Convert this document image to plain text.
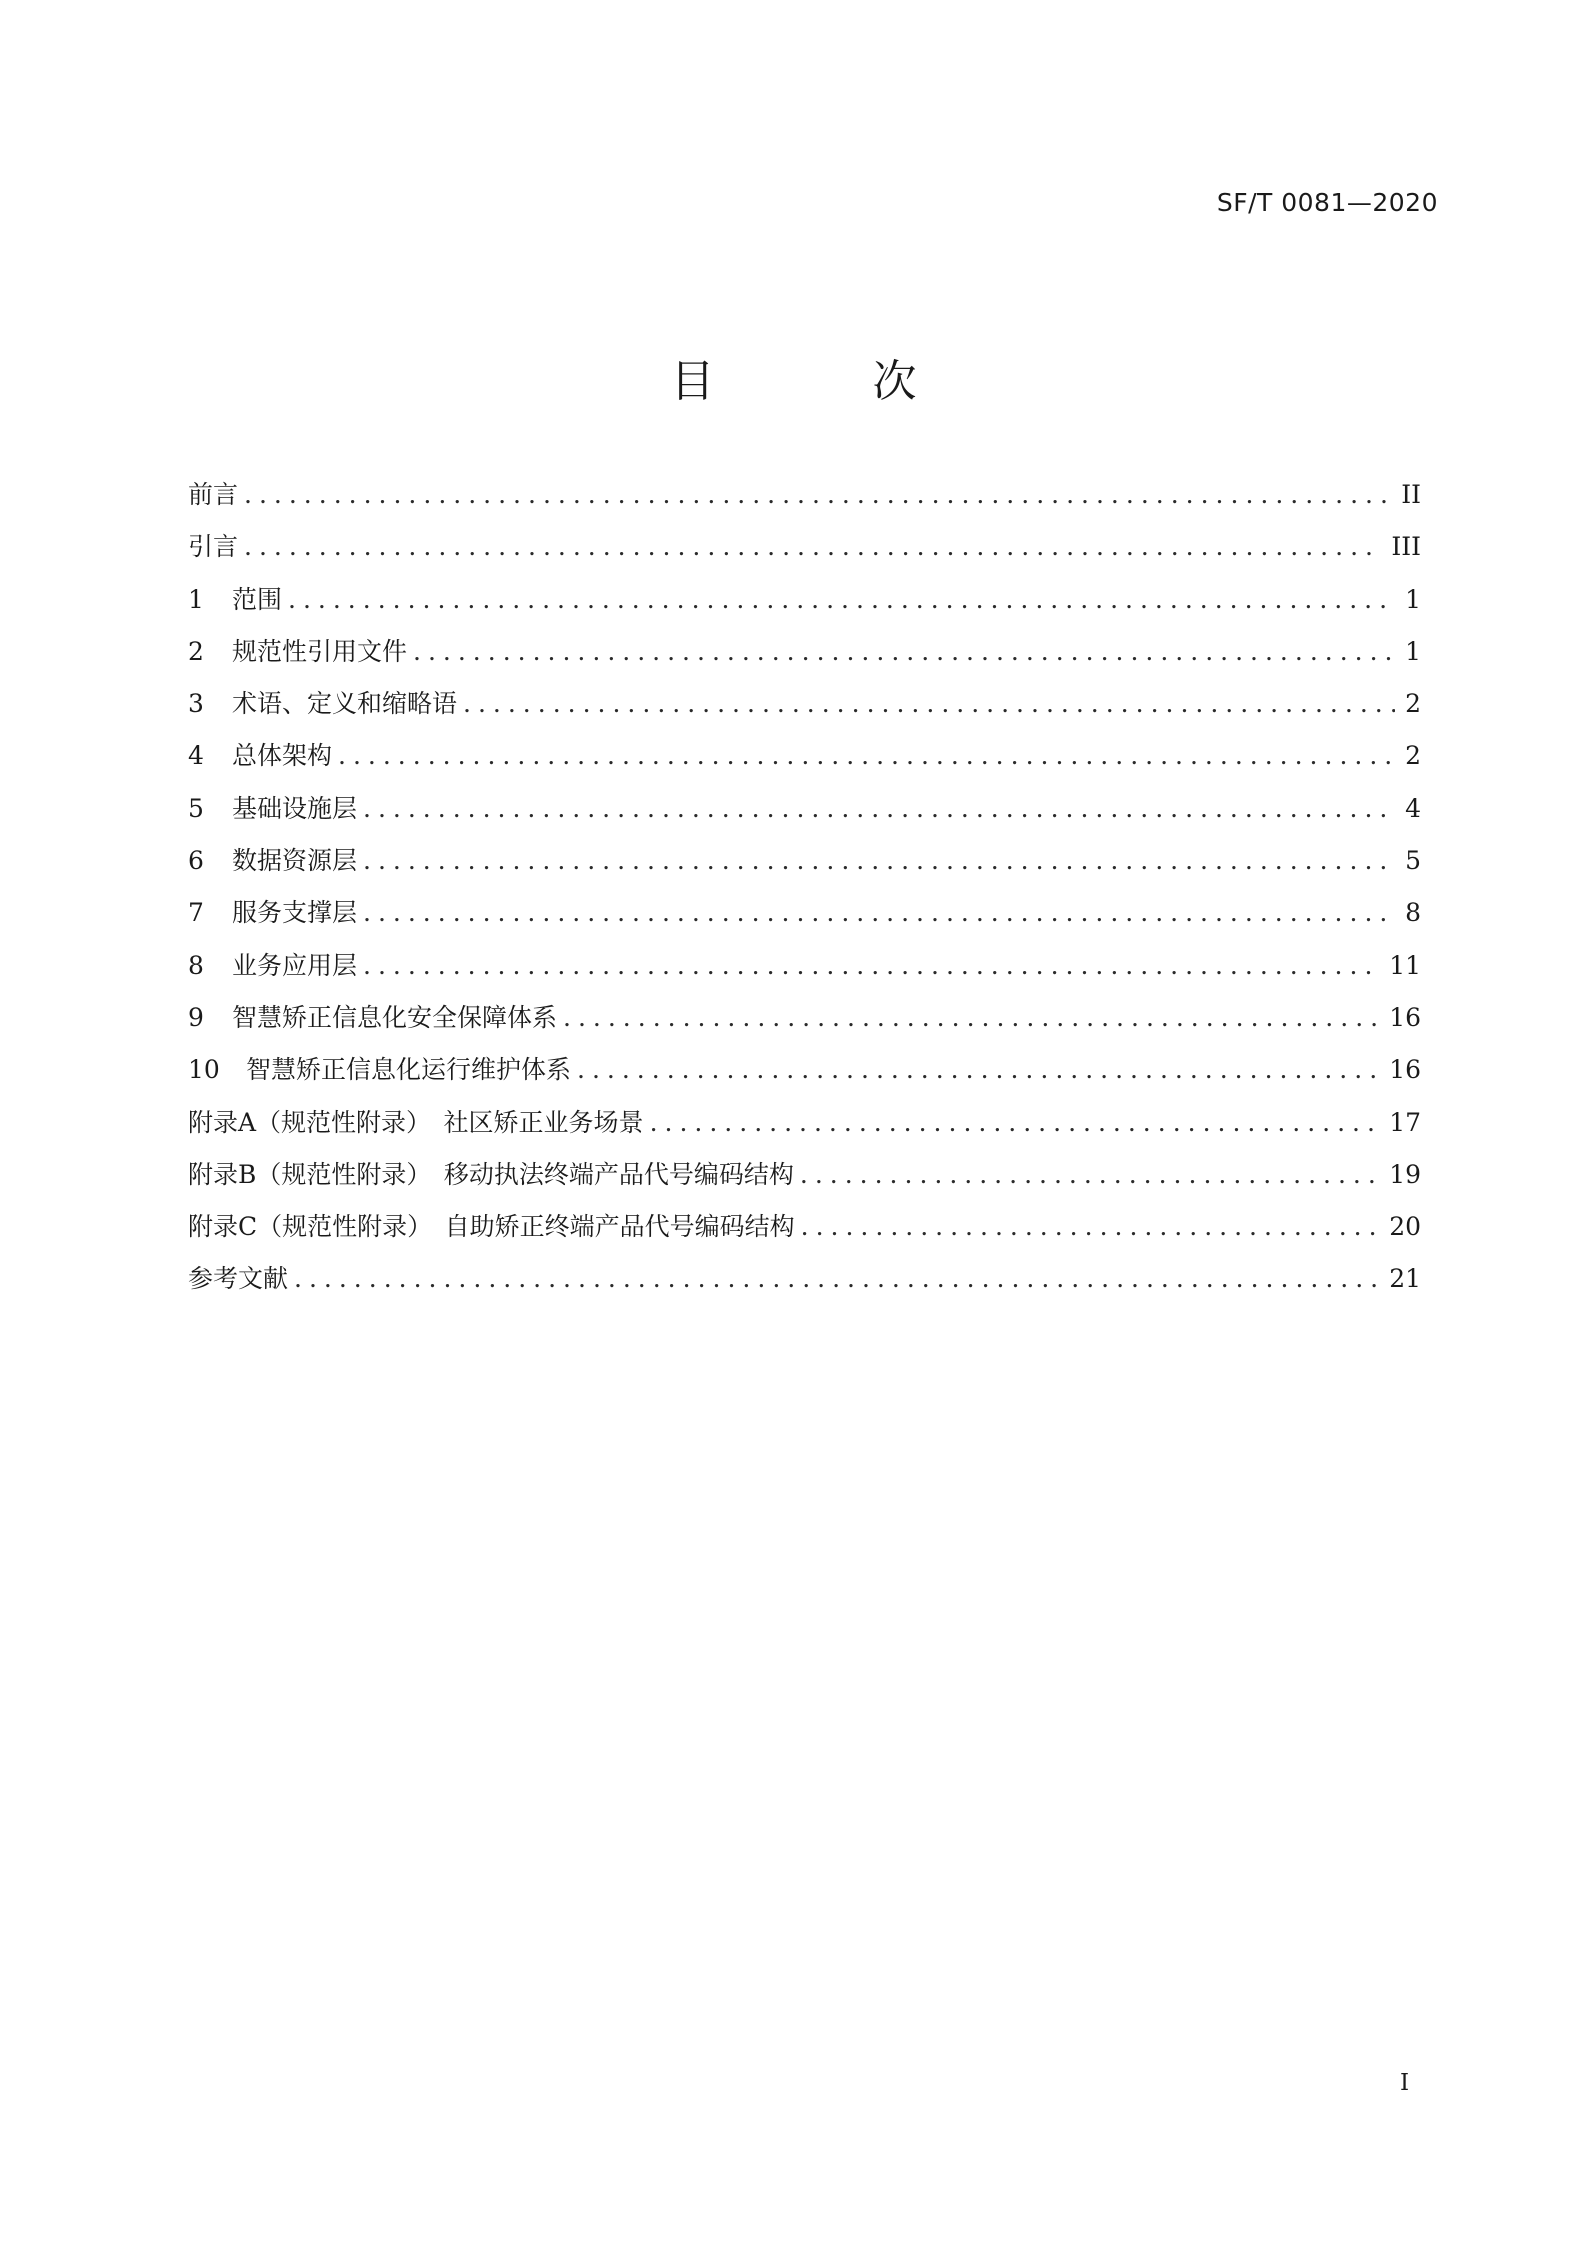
SF/T 0081—2020
目 次
前言 .....	II
引言 .....	III
1	范围 .....	1
2	规范性引用文件 .....	1
3	术语、定义和缩略语 .....	2
4	总体架构 .....	2
5	基础设施层 .....	4
6	数据资源层 .....	5
7	服务支撑层 .....	8
8	业务应用层 .....	11
9	智慧矫正信息化安全保障体系 .....	16
10	智慧矫正信息化运行维护体系 .....	16
附录A（规范性附录）　社区矫正业务场景 .....	17
附录B（规范性附录）　移动执法终端产品代号编码结构 .....	19
附录C（规范性附录）　自助矫正终端产品代号编码结构 .....	20
参考文献 .....	21
I
